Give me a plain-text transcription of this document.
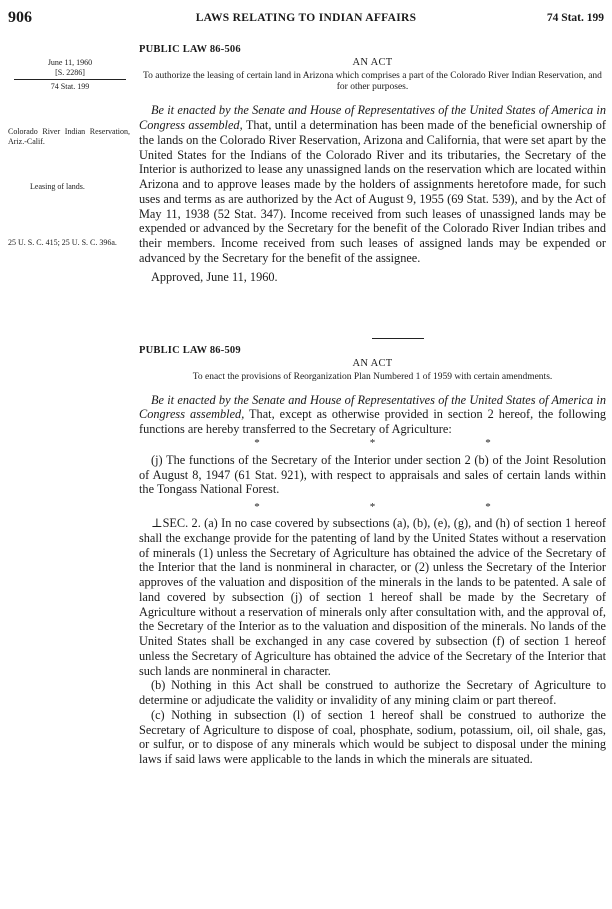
906	LAWS RELATING TO INDIAN AFFAIRS	74 Stat. 199
June 11, 1960
[S. 2286]
74 Stat. 199
Colorado River Indian Reservation, Ariz.-Calif.
Leasing of lands.
25 U. S. C. 415; 25 U. S. C. 396a.
PUBLIC LAW 86-506
AN ACT
To authorize the leasing of certain land in Arizona which comprises a part of the Colorado River Indian Reservation, and for other purposes.

Be it enacted by the Senate and House of Representatives of the United States of America in Congress assembled, That, until a determination has been made of the beneficial ownership of the lands on the Colorado River Reservation, Arizona and California, that were set apart by the United States for the Indians of the Colorado River and its tributaries, the Secretary of the Interior is authorized to lease any unassigned lands on the reservation which are located within Arizona and to approve leases made by the holders of assignments heretofore made, for such uses and terms as are authorized by the Act of August 9, 1955 (69 Stat. 539), and by the Act of May 11, 1938 (52 Stat. 347). Income received from such leases of unassigned lands may be expended or advanced by the Secretary for the benefit of the Colorado River Indian tribes and their members. Income received from such leases of assigned lands may be expended or advanced by the Secretary for the benefit of the assignee.

Approved, June 11, 1960.
PUBLIC LAW 86-509
AN ACT
To enact the provisions of Reorganization Plan Numbered 1 of 1959 with certain amendments.

Be it enacted by the Senate and House of Representatives of the United States of America in Congress assembled, That, except as otherwise provided in section 2 hereof, the following functions are hereby transferred to the Secretary of Agriculture:

*	*	*

(j) The functions of the Secretary of the Interior under section 2 (b) of the Joint Resolution of August 8, 1947 (61 Stat. 921), with respect to appraisals and sales of certain lands within the Tongass National Forest.

*	*	*

⊥SEC. 2. (a) In no case covered by subsections (a), (b), (e), (g), and (h) of section 1 hereof shall the exchange provide for the patenting of land by the United States without a reservation of minerals (1) unless the Secretary of Agriculture has obtained the advice of the Secretary of the Interior that the land is nonmineral in character, or (2) unless the Secretary of the Interior approves of the valuation and disposition of the minerals in the lands to be patented. A sale of land covered by subsection (j) of section 1 hereof shall be made by the Secretary of Agriculture without a reservation of minerals only after consultation with, and the approval of, the Secretary of the Interior as to the valuation and disposition of the minerals. No lands of the United States shall be exchanged in any case covered by subsection (f) of section 1 hereof unless the Secretary of Agriculture has obtained the advice of the Secretary of the Interior that such lands are nonmineral in character.

(b) Nothing in this Act shall be construed to authorize the Secretary of Agriculture to determine or adjudicate the validity or invalidity of any mining claim or part thereof.

(c) Nothing in subsection (l) of section 1 hereof shall be construed to authorize the Secretary of Agriculture to dispose of coal, phosphate, sodium, potassium, oil, oil shale, gas, or sulfur, or to dispose of any minerals which would be subject to disposal under the mining laws if said laws were applicable to the lands in which the minerals are situated.
